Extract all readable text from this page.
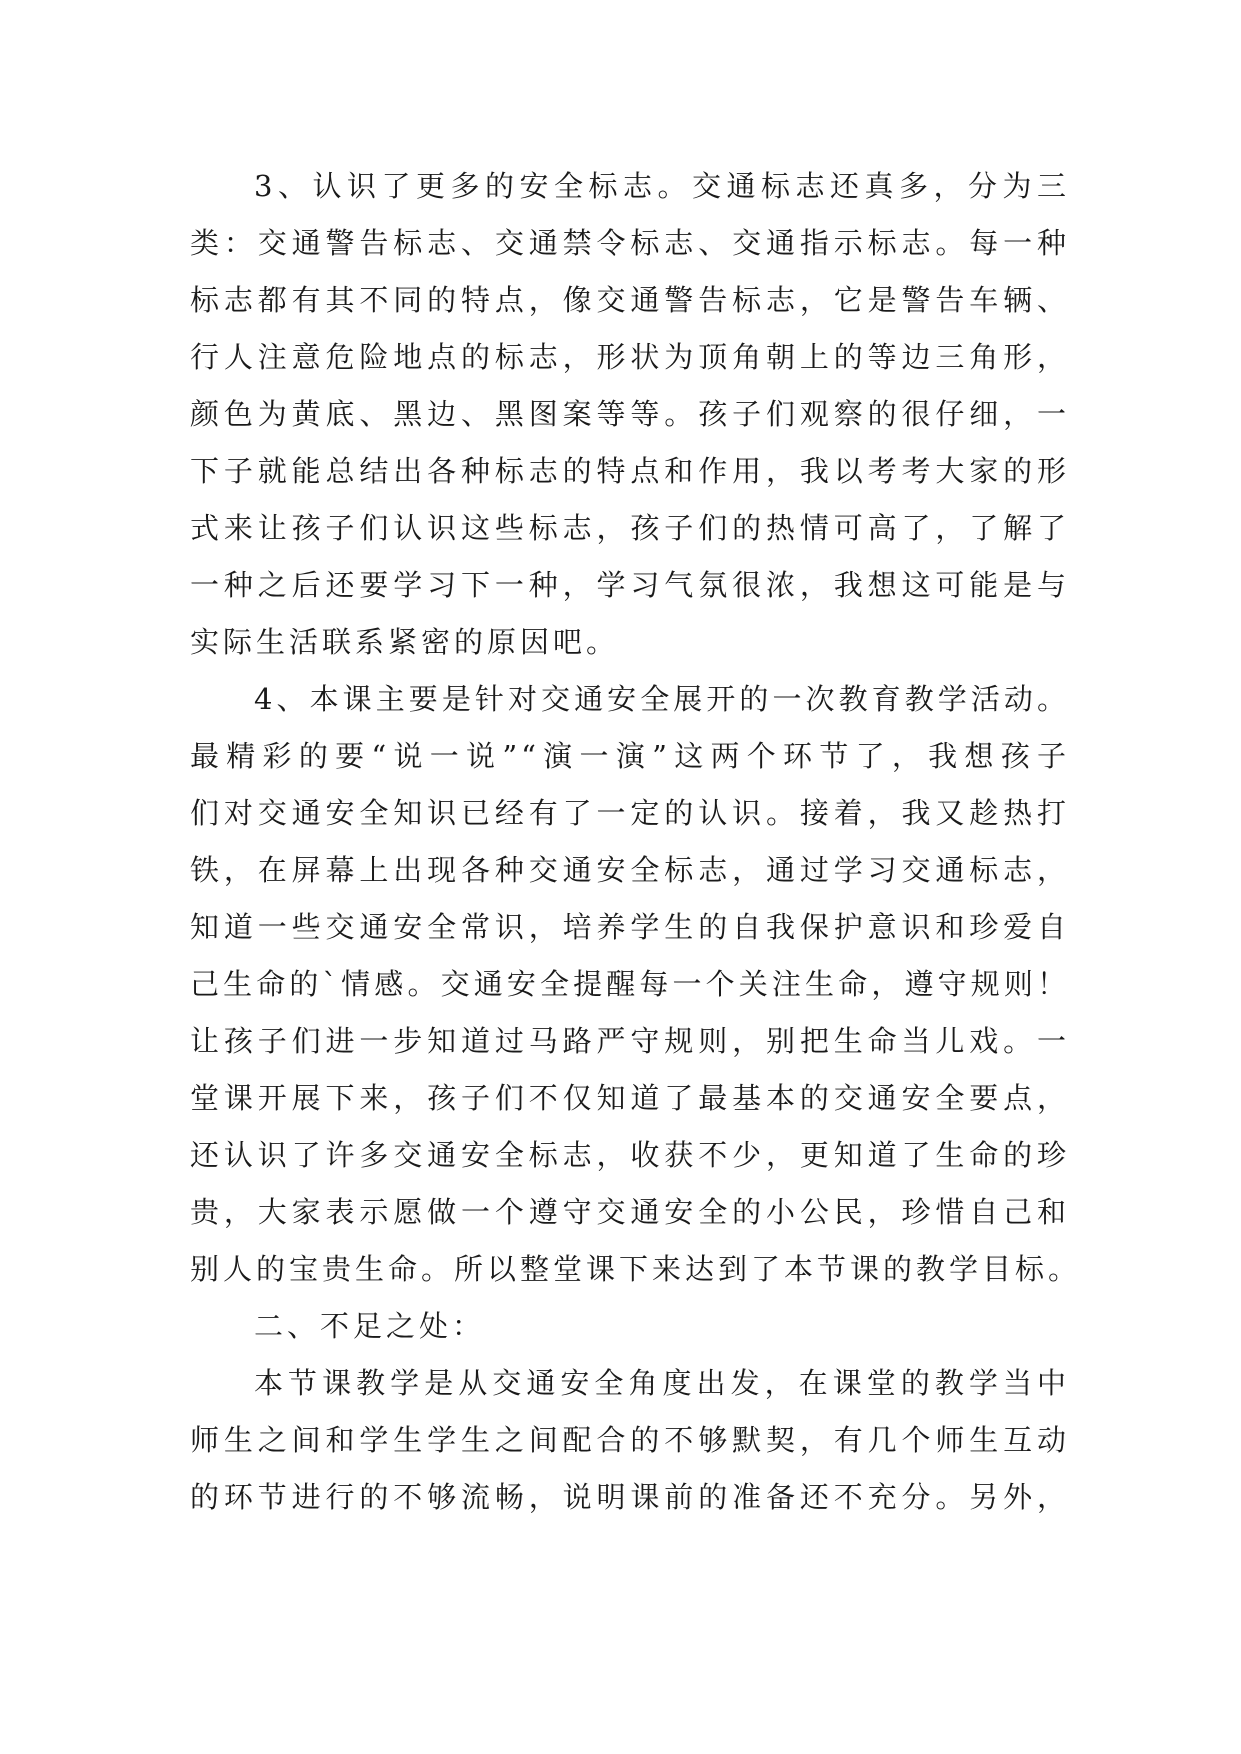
3、认识了更多的安全标志。交通标志还真多，分为三
类：交通警告标志、交通禁令标志、交通指示标志。每一种
标志都有其不同的特点，像交通警告标志，它是警告车辆、
行人注意危险地点的标志，形状为顶角朝上的等边三角形，
颜色为黄底、黑边、黑图案等等。孩子们观察的很仔细，一
下子就能总结出各种标志的特点和作用，我以考考大家的形
式来让孩子们认识这些标志，孩子们的热情可高了，了解了
一种之后还要学习下一种，学习气氛很浓，我想这可能是与
实际生活联系紧密的原因吧。
4、本课主要是针对交通安全展开的一次教育教学活动。
最精彩的要“说一说”“演一演”这两个环节了，我想孩子
们对交通安全知识已经有了一定的认识。接着，我又趁热打
铁，在屏幕上出现各种交通安全标志，通过学习交通标志，
知道一些交通安全常识，培养学生的自我保护意识和珍爱自
己生命的`情感。交通安全提醒每一个关注生命，遵守规则！
让孩子们进一步知道过马路严守规则，别把生命当儿戏。一
堂课开展下来，孩子们不仅知道了最基本的交通安全要点，
还认识了许多交通安全标志，收获不少，更知道了生命的珍
贵，大家表示愿做一个遵守交通安全的小公民，珍惜自己和
别人的宝贵生命。所以整堂课下来达到了本节课的教学目标。
二、不足之处：
本节课教学是从交通安全角度出发，在课堂的教学当中
师生之间和学生学生之间配合的不够默契，有几个师生互动
的环节进行的不够流畅，说明课前的准备还不充分。另外，
